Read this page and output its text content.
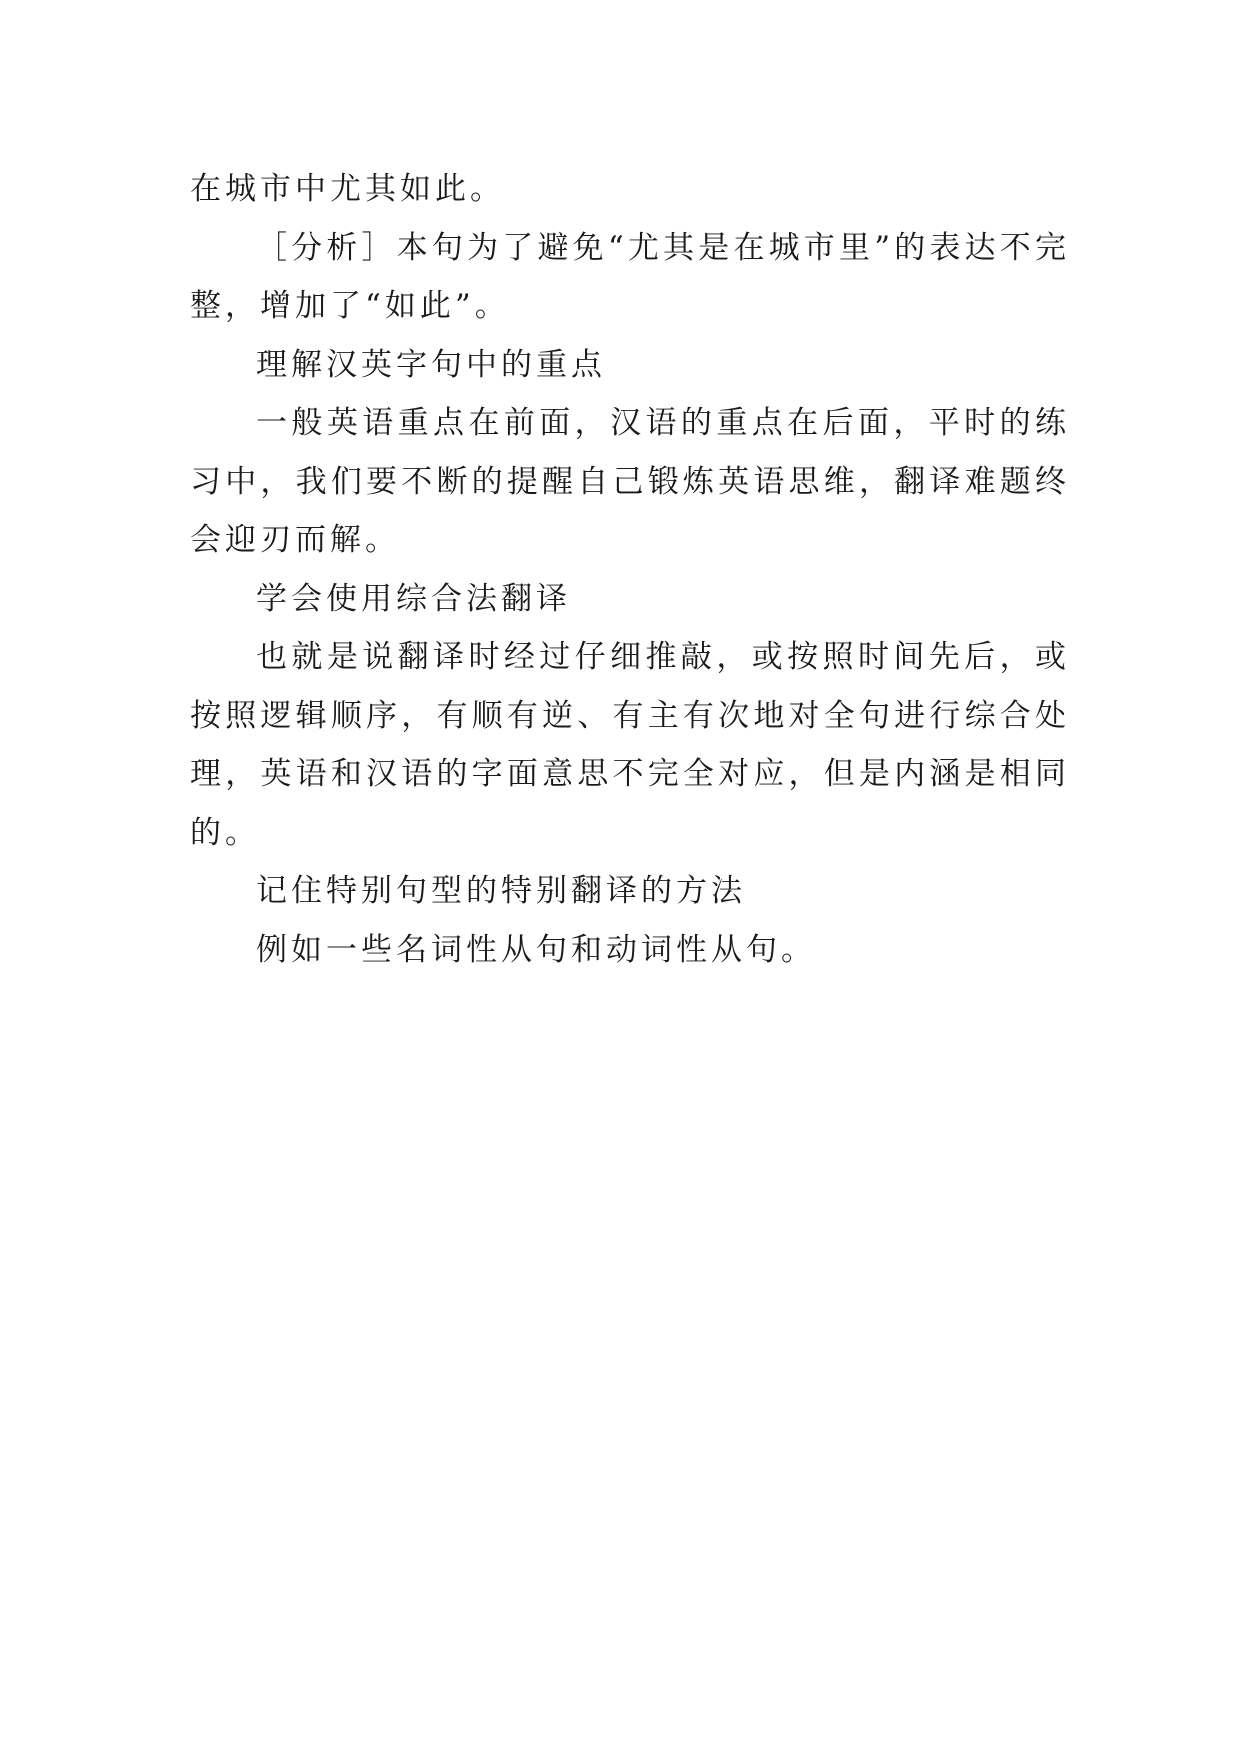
在城市中尤其如此。

［分析］本句为了避免“尤其是在城市里”的表达不完整，增加了“如此”。

理解汉英字句中的重点

一般英语重点在前面，汉语的重点在后面，平时的练习中，我们要不断的提醒自己锻炼英语思维，翻译难题终会迎刃而解。

学会使用综合法翻译

也就是说翻译时经过仔细推敲，或按照时间先后，或按照逻辑顺序，有顺有逆、有主有次地对全句进行综合处理，英语和汉语的字面意思不完全对应，但是内涵是相同的。

记住特别句型的特别翻译的方法

例如一些名词性从句和动词性从句。
